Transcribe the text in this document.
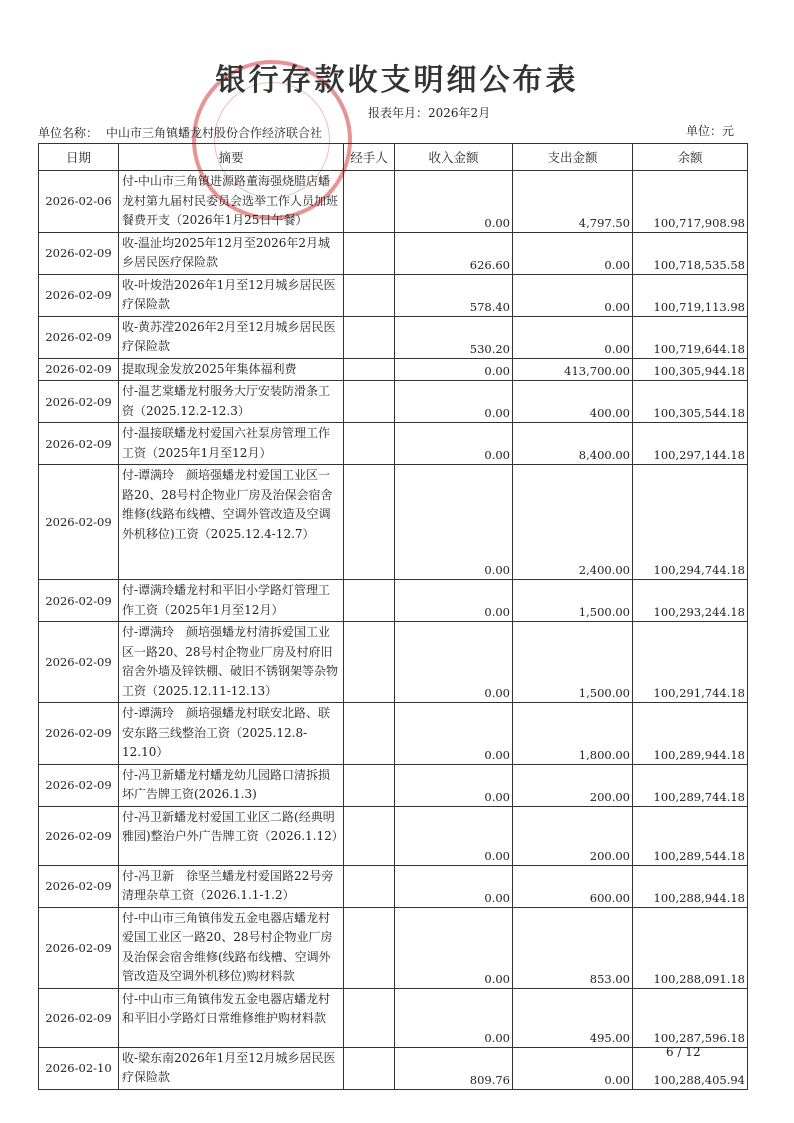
银行存款收支明细公布表
报表年月：2026年2月
单位名称： 中山市三角镇蟠龙村股份合作经济联合社	单位：元
日期	摘要	经手人	收入金额	支出金额	余额
2026-02-06	付-中山市三角镇进源路董海强烧腊店蟠龙村第九届村民委员会选举工作人员加班餐费开支（2026年1月25日午餐）		0.00	4,797.50	100,717,908.98
2026-02-09	收-温沚均2025年12月至2026年2月城乡居民医疗保险款		626.60	0.00	100,718,535.58
2026-02-09	收-叶焌浩2026年1月至12月城乡居民医疗保险款		578.40	0.00	100,719,113.98
2026-02-09	收-黄苏滢2026年2月至12月城乡居民医疗保险款		530.20	0.00	100,719,644.18
2026-02-09	提取现金发放2025年集体福利费		0.00	413,700.00	100,305,944.18
2026-02-09	付-温艺棠蟠龙村服务大厅安装防滑条工资（2025.12.2-12.3）		0.00	400.00	100,305,544.18
2026-02-09	付-温接联蟠龙村爱国六社泵房管理工作工资（2025年1月至12月）		0.00	8,400.00	100,297,144.18
2026-02-09	付-谭满玲　颜培强蟠龙村爱国工业区一路20、28号村企物业厂房及治保会宿舍维修(线路布线槽、空调外管改造及空调外机移位)工资（2025.12.4-12.7）		0.00	2,400.00	100,294,744.18
2026-02-09	付-谭满玲蟠龙村和平旧小学路灯管理工作工资（2025年1月至12月）		0.00	1,500.00	100,293,244.18
2026-02-09	付-谭满玲　颜培强蟠龙村清拆爱国工业区一路20、28号村企物业厂房及村府旧宿舍外墙及锌铁棚、破旧不锈钢架等杂物工资（2025.12.11-12.13）		0.00	1,500.00	100,291,744.18
2026-02-09	付-谭满玲　颜培强蟠龙村联安北路、联安东路三线整治工资（2025.12.8-12.10）		0.00	1,800.00	100,289,944.18
2026-02-09	付-冯卫新蟠龙村蟠龙幼儿园路口清拆损坏广告牌工资(2026.1.3)		0.00	200.00	100,289,744.18
2026-02-09	付-冯卫新蟠龙村爱国工业区二路(经典明雅园)整治户外广告牌工资（2026.1.12）		0.00	200.00	100,289,544.18
2026-02-09	付-冯卫新　徐坚兰蟠龙村爱国路22号旁清理杂草工资（2026.1.1-1.2）		0.00	600.00	100,288,944.18
2026-02-09	付-中山市三角镇伟发五金电器店蟠龙村爱国工业区一路20、28号村企物业厂房及治保会宿舍维修(线路布线槽、空调外管改造及空调外机移位)购材料款		0.00	853.00	100,288,091.18
2026-02-09	付-中山市三角镇伟发五金电器店蟠龙村和平旧小学路灯日常维修维护购材料款		0.00	495.00	100,287,596.18
2026-02-10	收-梁东南2026年1月至12月城乡居民医疗保险款		809.76	0.00	100,288,405.94
6 / 12
